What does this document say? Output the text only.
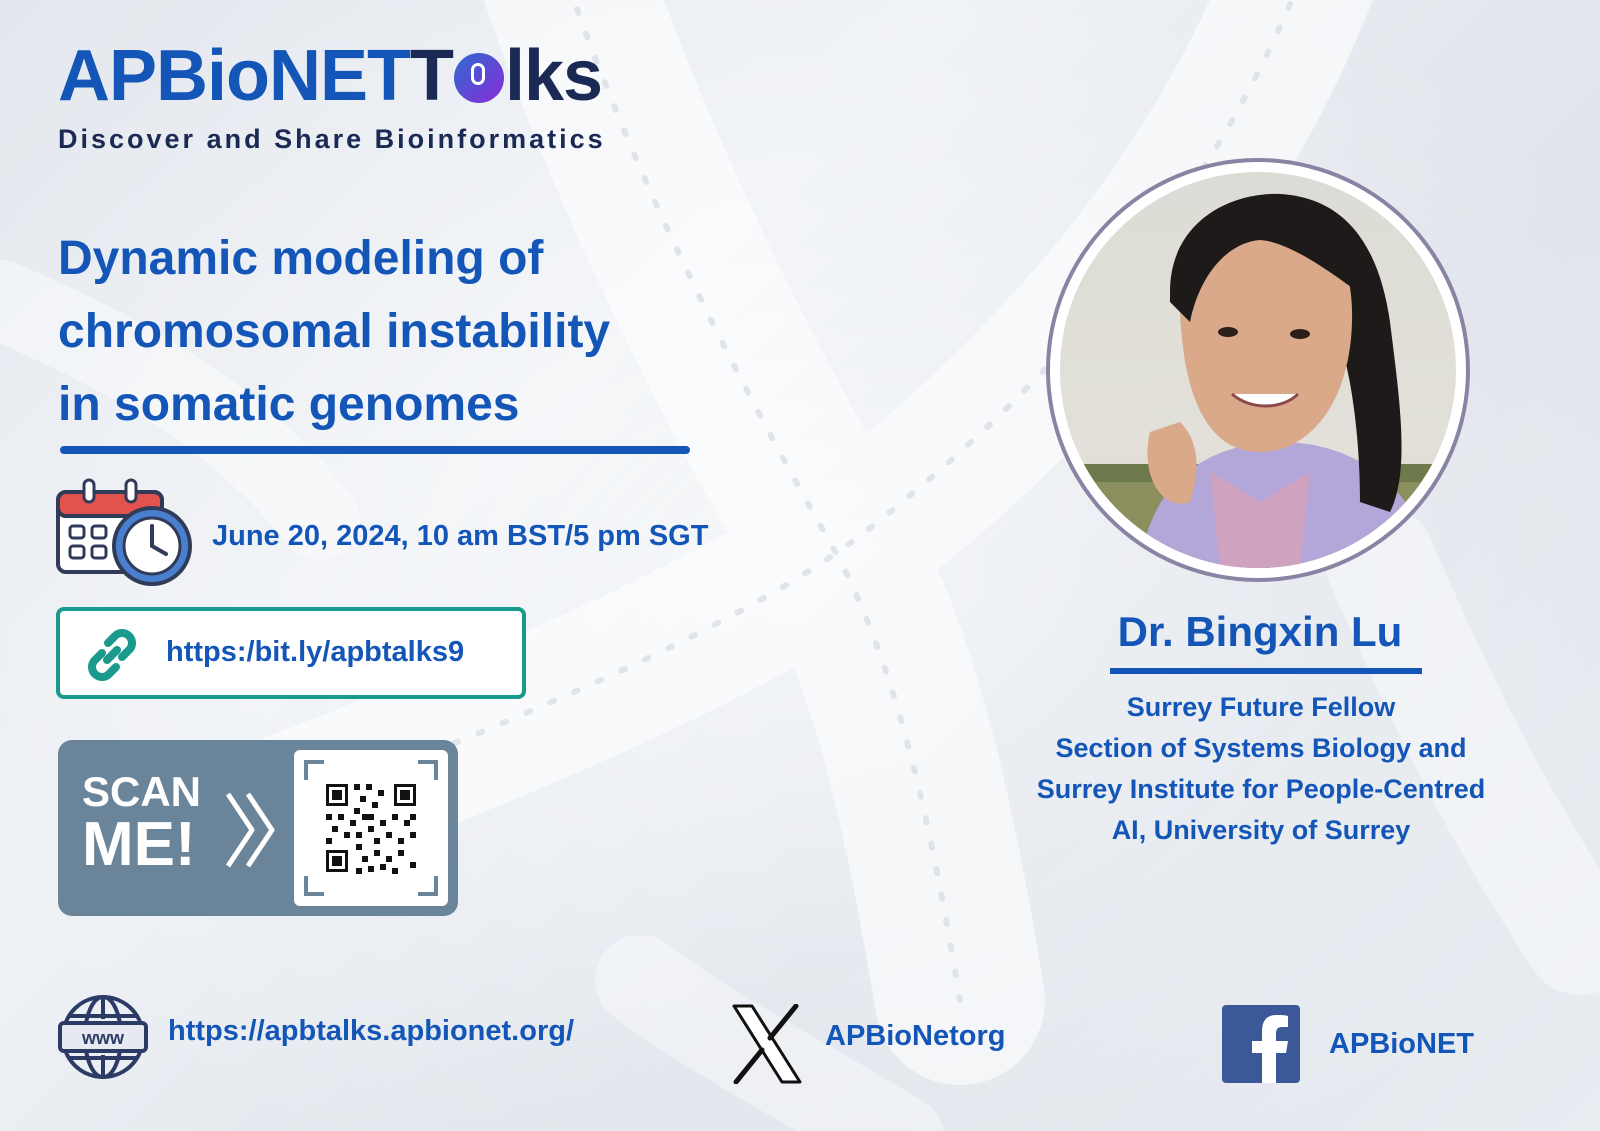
APBioNET T lks
Discover and Share Bioinformatics
Dynamic modeling of
chromosomal instability
in somatic genomes
June 20, 2024, 10 am BST/5 pm SGT
https:/bit.ly/apbtalks9
SCAN
ME!
Dr. Bingxin Lu
Surrey Future Fellow
Section of Systems Biology and
Surrey Institute for People-Centred
AI, University of Surrey
www https://apbtalks.apbionet.org/	APBioNetorg	APBioNET
